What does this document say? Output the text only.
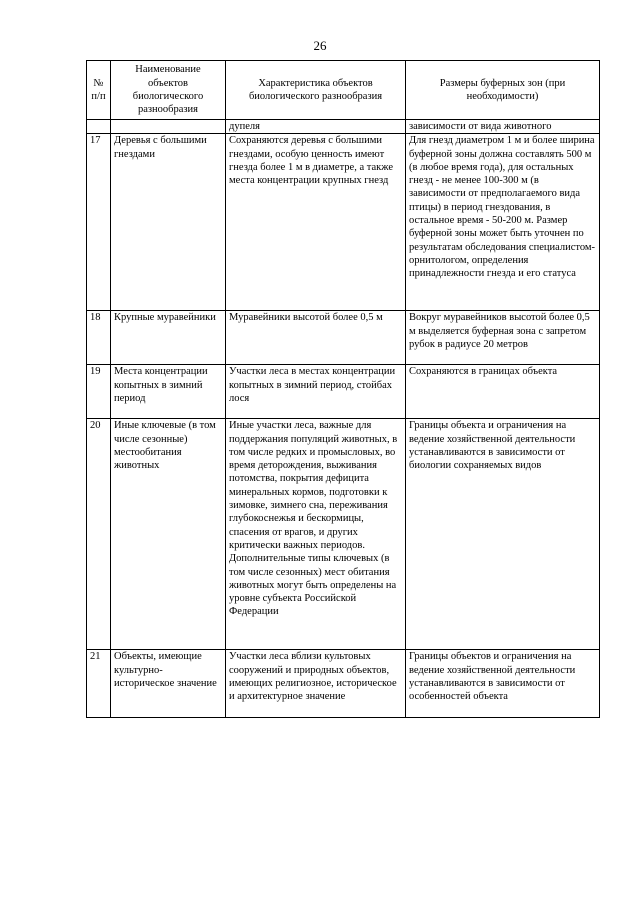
26
№ п/п	Наименование объектов биологического разнообразия	Характеристика объектов биологического разнообразия	Размеры буферных зон (при необходимости)
		дупеля	зависимости от вида животного
17	Деревья с большими гнездами	Сохраняются деревья с большими гнездами, особую ценность имеют гнезда более 1 м в диаметре, а также места концентрации крупных гнезд	Для гнезд диаметром 1 м и более ширина буферной зоны должна составлять 500 м (в любое время года), для остальных гнезд - не менее 100-300 м (в зависимости от предполагаемого вида птицы) в период гнездования, в остальное время - 50-200 м. Размер буферной зоны может быть уточнен по результатам обследования специалистом- орнитологом, определения принадлежности гнезда и его статуса
18	Крупные муравейники	Муравейники высотой более 0,5 м	Вокруг муравейников высотой более 0,5 м выделяется буферная зона с запретом рубок в радиусе 20 метров
19	Места концентрации копытных в зимний период	Участки леса в местах концентрации копытных в зимний период, стойбах лося	Сохраняются в границах объекта
20	Иные ключевые (в том числе сезонные) местообитания животных	Иные участки леса, важные для поддержания популяций животных, в том числе редких и промысловых, во время деторождения, выживания потомства, покрытия дефицита минеральных кормов, подготовки к зимовке, зимнего сна, переживания глубокоснежья и бескормицы, спасения от врагов, и других критически важных периодов. Дополнительные типы ключевых (в том числе сезонных) мест обитания животных могут быть определены на уровне субъекта Российской Федерации	Границы объекта и ограничения на ведение хозяйственной деятельности устанавливаются в зависимости от биологии сохраняемых видов
21	Объекты, имеющие культурно-историческое значение	Участки леса вблизи культовых сооружений и природных объектов, имеющих религиозное, историческое и архитектурное значение	Границы объектов и ограничения на ведение хозяйственной деятельности устанавливаются в зависимости от особенностей объекта
